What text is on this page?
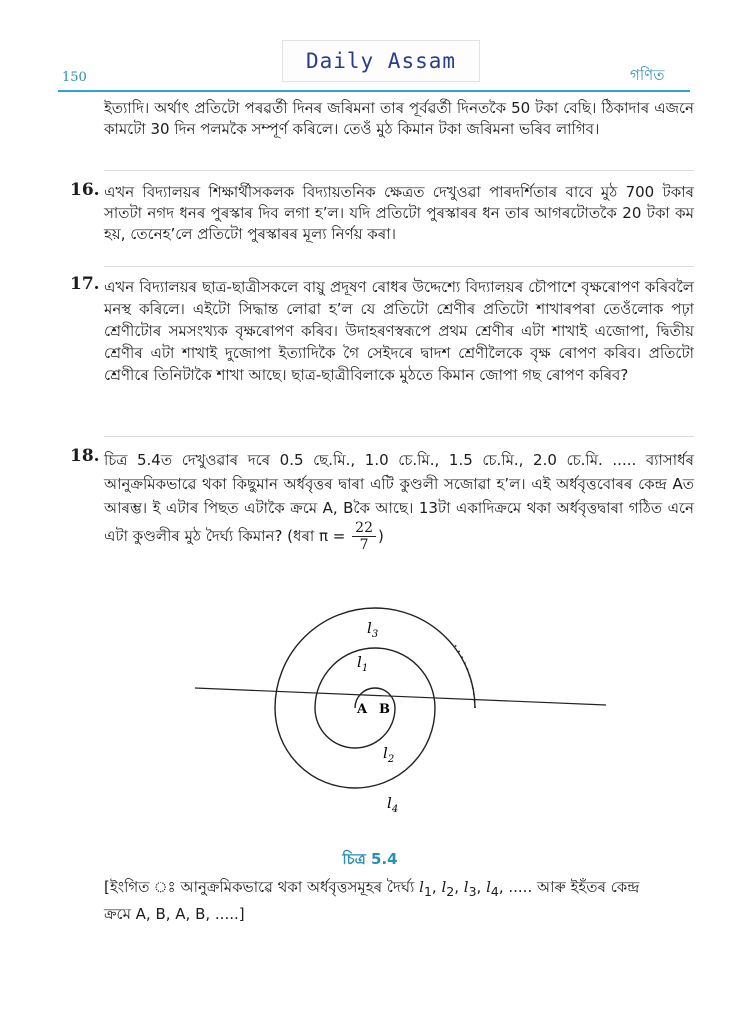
Daily Assam
150	গণিত
ইত্যাদি। অৰ্থাৎ প্ৰতিটো পৰৱৰ্তী দিনৰ জৰিমনা তাৰ পূৰ্বৱৰ্তী দিনতকৈ 50 টকা বেছি। ঠিকাদাৰ এজনে কামটো 30 দিন পলমকৈ সম্পূৰ্ণ কৰিলে। তেওঁ মুঠ কিমান টকা জৰিমনা ভৰিব লাগিব।
16. এখন বিদ্যালয়ৰ শিক্ষাৰ্থীসকলক বিদ্যায়তনিক ক্ষেত্ৰত দেখুওৱা পাৰদৰ্শিতাৰ বাবে মুঠ 700 টকাৰ সাতটা নগদ ধনৰ পুৰস্কাৰ দিব লগা হ’ল। যদি প্ৰতিটো পুৰস্কাৰৰ ধন তাৰ আগৰটোতকৈ 20 টকা কম হয়, তেনেহ’লে প্ৰতিটো পুৰস্কাৰৰ মূল্য নিৰ্ণয় কৰা।
17. এখন বিদ্যালয়ৰ ছাত্ৰ-ছাত্ৰীসকলে বায়ু প্ৰদূষণ ৰোধৰ উদ্দেশ্যে বিদ্যালয়ৰ চৌপাশে বৃক্ষৰোপণ কৰিবলৈ মনস্থ কৰিলে। এইটো সিদ্ধান্ত লোৱা হ’ল যে প্ৰতিটো শ্ৰেণীৰ প্ৰতিটো শাখাৰপৰা তেওঁলোক পঢ়া শ্ৰেণীটোৰ সমসংখ্যক বৃক্ষৰোপণ কৰিব। উদাহৰণস্বৰূপে প্ৰথম শ্ৰেণীৰ এটা শাখাই এজোপা, দ্বিতীয় শ্ৰেণীৰ এটা শাখাই দুজোপা ইত্যাদিকৈ গৈ সেইদৰে দ্বাদশ শ্ৰেণীলৈকে বৃক্ষ ৰোপণ কৰিব। প্ৰতিটো শ্ৰেণীৰে তিনিটাকৈ শাখা আছে। ছাত্ৰ-ছাত্ৰীবিলাকে মুঠতে কিমান জোপা গছ ৰোপণ কৰিব?
18. চিত্ৰ 5.4ত দেখুওৱাৰ দৰে 0.5 ছে.মি., 1.0 চে.মি., 1.5 চে.মি., 2.0 চে.মি. ..... ব্যাসাৰ্ধৰ আনুক্ৰমিকভাৱে থকা কিছুমান অৰ্ধবৃত্তৰ দ্বাৰা এটি কুণ্ডলী সজোৱা হ’ল। এই অৰ্ধবৃত্তবোৰৰ কেন্দ্ৰ Aত আৰম্ভ। ই এটাৰ পিছত এটাকৈ ক্ৰমে A, Bকৈ আছে। 13টা একাদিক্ৰমে থকা অৰ্ধবৃত্তদ্বাৰা গঠিত এনে এটা কুণ্ডলীৰ মুঠ দৈৰ্ঘ্য কিমান? (ধৰা $\pi = \frac{22}{7}$ )
$l_3$
$l_1$
A B
$l_2$
$l_4$
চিত্ৰ 5.4
[ইংগিত ঃ আনুক্ৰমিকভাৱে থকা অৰ্ধবৃত্তসমূহৰ দৈৰ্ঘ্য $l_1$, $l_2$, $l_3$, $l_4$, ..... আৰু ইহঁতৰ কেন্দ্ৰ
ক্ৰমে A, B, A, B, .....]
